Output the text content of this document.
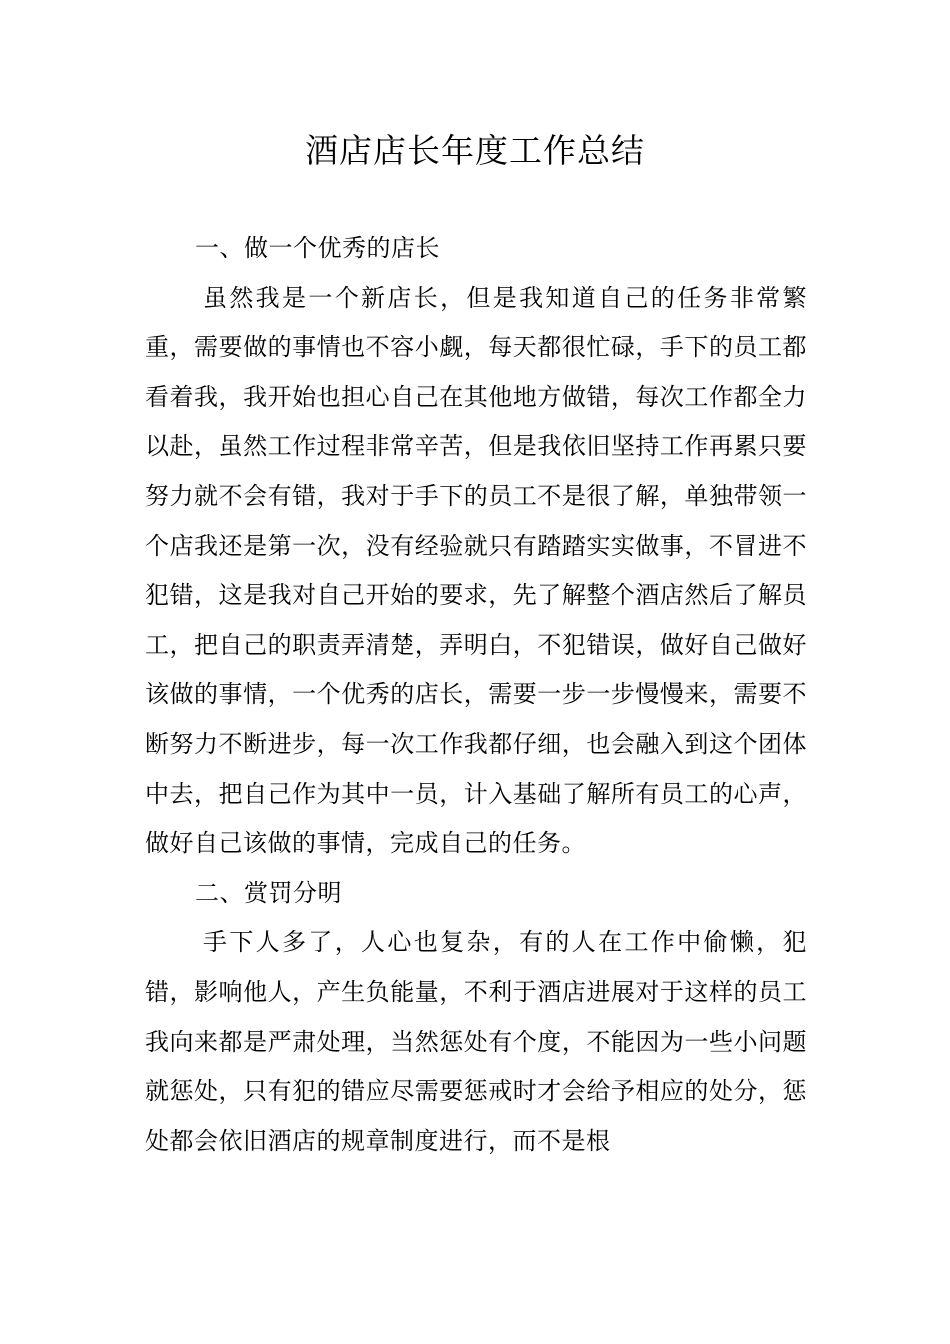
酒店店长年度工作总结

一、做一个优秀的店长

虽然我是一个新店长，但是我知道自己的任务非常繁重，需要做的事情也不容小觑，每天都很忙碌，手下的员工都看着我，我开始也担心自己在其他地方做错，每次工作都全力以赴，虽然工作过程非常辛苦，但是我依旧坚持工作再累只要努力就不会有错，我对于手下的员工不是很了解，单独带领一个店我还是第一次，没有经验就只有踏踏实实做事，不冒进不犯错，这是我对自己开始的要求，先了解整个酒店然后了解员工，把自己的职责弄清楚，弄明白，不犯错误，做好自己做好该做的事情，一个优秀的店长，需要一步一步慢慢来，需要不断努力不断进步，每一次工作我都仔细，也会融入到这个团体中去，把自己作为其中一员，计入基础了解所有员工的心声，做好自己该做的事情，完成自己的任务。

二、赏罚分明

手下人多了，人心也复杂，有的人在工作中偷懒，犯错，影响他人，产生负能量，不利于酒店进展对于这样的员工我向来都是严肃处理，当然惩处有个度，不能因为一些小问题就惩处，只有犯的错应尽需要惩戒时才会给予相应的处分，惩处都会依旧酒店的规章制度进行，而不是根
